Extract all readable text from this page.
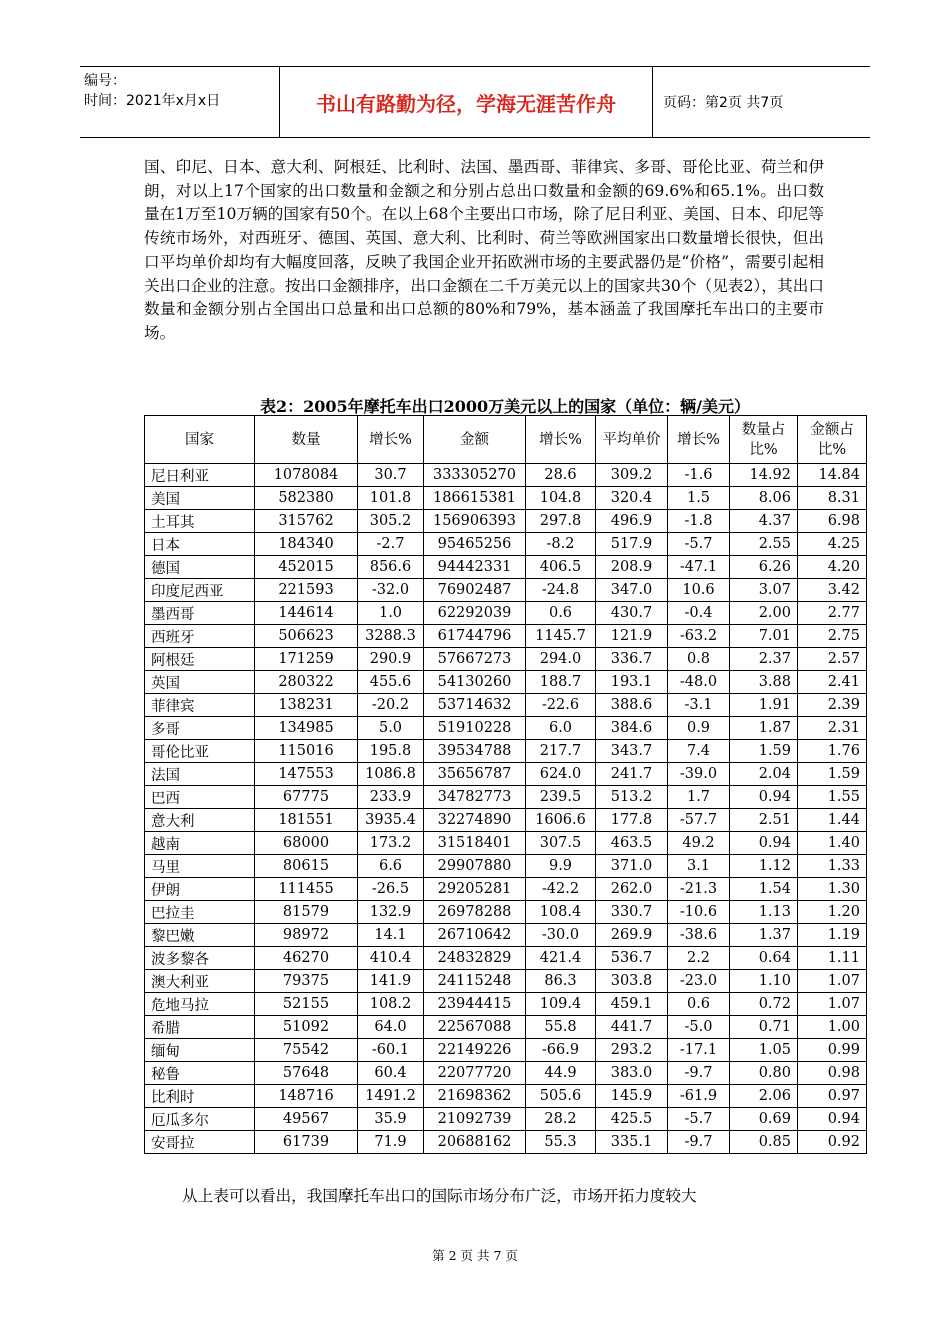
编号：
时间：2021年x月x日	书山有路勤为径，学海无涯苦作舟	页码：第2页 共7页
国、印尼、日本、意大利、阿根廷、比利时、法国、墨西哥、菲律宾、多哥、哥伦比亚、荷兰和伊朗，对以上17个国家的出口数量和金额之和分别占总出口数量和金额的69.6%和65.1%。出口数量在1万至10万辆的国家有50个。在以上68个主要出口市场，除了尼日利亚、美国、日本、印尼等传统市场外，对西班牙、德国、英国、意大利、比利时、荷兰等欧洲国家出口数量增长很快，但出口平均单价却均有大幅度回落，反映了我国企业开拓欧洲市场的主要武器仍是“价格”，需要引起相关出口企业的注意。按出口金额排序，出口金额在二千万美元以上的国家共30个（见表2），其出口数量和金额分别占全国出口总量和出口总额的80%和79%，基本涵盖了我国摩托车出口的主要市场。
表2：2005年摩托车出口2000万美元以上的国家（单位：辆/美元）
国家	数量	增长%	金额	增长%	平均单价	增长%	数量占比%	金额占比%
尼日利亚	1078084	30.7	333305270	28.6	309.2	-1.6	14.92	14.84
美国	582380	101.8	186615381	104.8	320.4	1.5	8.06	8.31
土耳其	315762	305.2	156906393	297.8	496.9	-1.8	4.37	6.98
日本	184340	-2.7	95465256	-8.2	517.9	-5.7	2.55	4.25
德国	452015	856.6	94442331	406.5	208.9	-47.1	6.26	4.20
印度尼西亚	221593	-32.0	76902487	-24.8	347.0	10.6	3.07	3.42
墨西哥	144614	1.0	62292039	0.6	430.7	-0.4	2.00	2.77
西班牙	506623	3288.3	61744796	1145.7	121.9	-63.2	7.01	2.75
阿根廷	171259	290.9	57667273	294.0	336.7	0.8	2.37	2.57
英国	280322	455.6	54130260	188.7	193.1	-48.0	3.88	2.41
菲律宾	138231	-20.2	53714632	-22.6	388.6	-3.1	1.91	2.39
多哥	134985	5.0	51910228	6.0	384.6	0.9	1.87	2.31
哥伦比亚	115016	195.8	39534788	217.7	343.7	7.4	1.59	1.76
法国	147553	1086.8	35656787	624.0	241.7	-39.0	2.04	1.59
巴西	67775	233.9	34782773	239.5	513.2	1.7	0.94	1.55
意大利	181551	3935.4	32274890	1606.6	177.8	-57.7	2.51	1.44
越南	68000	173.2	31518401	307.5	463.5	49.2	0.94	1.40
马里	80615	6.6	29907880	9.9	371.0	3.1	1.12	1.33
伊朗	111455	-26.5	29205281	-42.2	262.0	-21.3	1.54	1.30
巴拉圭	81579	132.9	26978288	108.4	330.7	-10.6	1.13	1.20
黎巴嫩	98972	14.1	26710642	-30.0	269.9	-38.6	1.37	1.19
波多黎各	46270	410.4	24832829	421.4	536.7	2.2	0.64	1.11
澳大利亚	79375	141.9	24115248	86.3	303.8	-23.0	1.10	1.07
危地马拉	52155	108.2	23944415	109.4	459.1	0.6	0.72	1.07
希腊	51092	64.0	22567088	55.8	441.7	-5.0	0.71	1.00
缅甸	75542	-60.1	22149226	-66.9	293.2	-17.1	1.05	0.99
秘鲁	57648	60.4	22077720	44.9	383.0	-9.7	0.80	0.98
比利时	148716	1491.2	21698362	505.6	145.9	-61.9	2.06	0.97
厄瓜多尔	49567	35.9	21092739	28.2	425.5	-5.7	0.69	0.94
安哥拉	61739	71.9	20688162	55.3	335.1	-9.7	0.85	0.92
从上表可以看出，我国摩托车出口的国际市场分布广泛，市场开拓力度较大
第 2 页 共 7 页
